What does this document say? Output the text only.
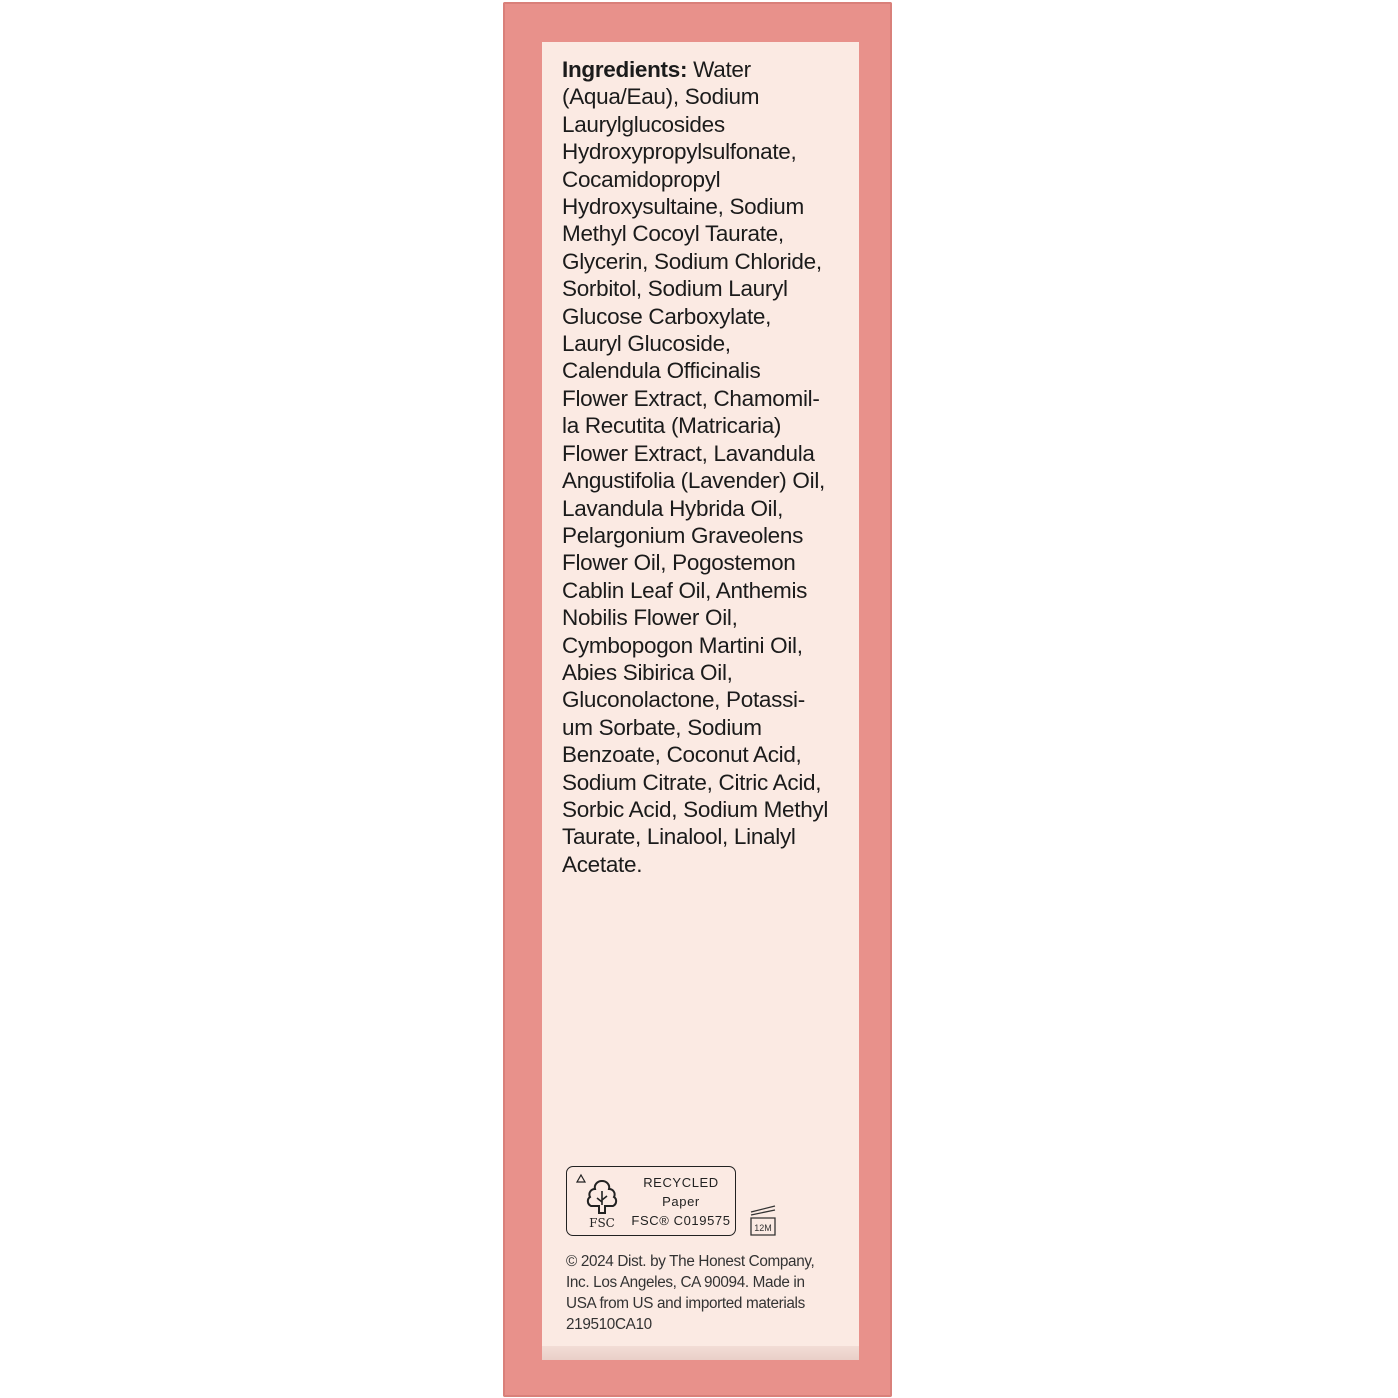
Ingredients: Water
(Aqua/Eau), Sodium
Laurylglucosides
Hydroxypropylsulfonate,
Cocamidopropyl
Hydroxysultaine, Sodium
Methyl Cocoyl Taurate,
Glycerin, Sodium Chloride,
Sorbitol, Sodium Lauryl
Glucose Carboxylate,
Lauryl Glucoside,
Calendula Officinalis
Flower Extract, Chamomil-
la Recutita (Matricaria)
Flower Extract, Lavandula
Angustifolia (Lavender) Oil,
Lavandula Hybrida Oil,
Pelargonium Graveolens
Flower Oil, Pogostemon
Cablin Leaf Oil, Anthemis
Nobilis Flower Oil,
Cymbopogon Martini Oil,
Abies Sibirica Oil,
Gluconolactone, Potassi-
um Sorbate, Sodium
Benzoate, Coconut Acid,
Sodium Citrate, Citric Acid,
Sorbic Acid, Sodium Methyl
Taurate, Linalool, Linalyl
Acetate.
FSC
RECYCLED
Paper
FSC® C019575	12M
© 2024 Dist. by The Honest Company,
Inc. Los Angeles, CA 90094. Made in
USA from US and imported materials
219510CA10
